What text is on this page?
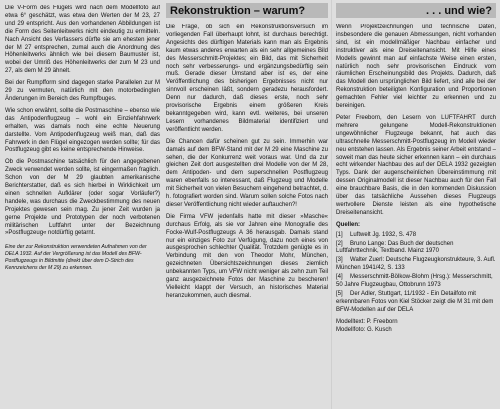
Die V-Form des Flügels wird nach dem Modellfoto auf etwa 6° geschätzt, was etwa den Werten der M 23, 27 und 29 entspricht. Aus den vorhandenen Abbildungen ist die Form des Seitenleitwerks nicht eindeutig zu ermitteln. Nach Ansicht des Verfassers dürfte sie am ehesten jener der M 27 entsprechen, zumal auch die Anordnung des Höhenleitwerks ähnlich wie bei diesem Baumuster ist, wobei der Umriß des Höhenleitwerks der zum M 23 und 27, als dem M 29 ähnelt.

Bei der Rumpfform sind dagegen starke Parallelen zur M 29 zu vermuten, natürlich mit den motorbedingten Änderungen im Bereich des Rumpfbuges.

Wie schon erwähnt, sollte die Postmaschine – ebenso wie das Antipodenflugzeug – wohl ein Einziehfahrwerk erhalten, was damals noch eine echte Neuerung darstellte. Vom Antipodenflugzeug weiß man, daß das Fahrwerk in den Flügel eingezogen werden sollte; für das Postflugzeug gibt es keine entsprechende Hinweise.

Ob die Postmaschine tatsächlich für den angegebenen Zweck verwendet werden sollte, ist eingermaßen fraglich. Schon von der M 29 glaubten amerikanische Berichterstatter, daß es sich hierbei in Wirklichkeit um einen schnellen Aufklärer (oder sogar Vorläufer?) handele, was durchaus die Zweckbestimmung des neuen Projektes gewesen sein mag. Zu jener Zeit wurden ja gerne Projekte und Prototypen der noch verbotenen militärischen Luftfahrt unter der Bezeichnung »Postflugzeug« notdürftig getarnt.

Eine der zur Rekonstruktion verwendeten Aufnahmen von der DELA 1932. Auf der Vergrößerung ist das Modell des BFW-Postflugzeugs in Bildmitte (direkt über dem D-Strich des Kennzeichens der M 29) zu erkennen.
Rekonstruktion – warum?

Die Frage, ob sich ein Rekonstruktionsversuch im vorliegenden Fall überhaupt lohnt, ist durchaus berechtigt. Angesichts des dürftigen Materials kann man als Ergebnis kaum etwas anderes erwarten als ein sehr allgemeines Bild des Messerschmitt-Projektes; ein Bild, das mit Sicherheit noch sehr verbesserungs- und ergänzungsbedürftig sein muß. Gerade dieser Umstand aber ist es, der eine Veröffentlichung des bisherigen Ergebnisses nicht nur sinnvoll erscheinen läßt, sondern geradezu herausfordert. Denn nur dadurch, daß dieses erste, noch sehr provisorische Ergebnis einem größeren Kreis bekanntgegeben wird, kann evtl. weiteres, bei unseren Lesern vorhandenes Bildmaterial identifiziert und veröffentlicht werden.

Die Chancen dafür scheinen gut zu sein. Immerhin war damals auf dem BFW-Stand mit der M 29 eine Maschine zu sehen, die der Konkurrenz weit voraus war. Und da zur gleichen Zeit dort ausgestellten drei Modelle von der M 28, dem Antipoden- und dem superschnellen Postflugzeug waren ebenfalls so interessant, daß Flugzeug und Modelle mit Sicherheit von vielen Besuchern eingehend betrachtet, d. h. fotografiert worden sind. Warum sollen solche Fotos nach dieser Veröffentlichung nicht wieder auftauchen?!

Die Firma VFW jedenfalls hatte mit dieser »Masche« durchaus Erfolg, als sie vor Jahren eine Monografie des Focke-Wulf-Postflugzeugs A 36 herausgab. Damals stand nur ein einziges Foto zur Verfügung, dazu noch eines von ausgesprochen schlechter Qualität. Trotzdem genügte es in Verbindung mit den von Theodor Mohr, München, gezeichneten Übersichtszeichnungen dieses ziemlich unbekannten Typs, um VFW nicht weniger als zehn zum Teil ganz ausgezeichnete Fotos der Maschine zu bescheren! Vielleicht klappt der Versuch, an historisches Material heranzukommen, auch diesmal.

. . . und wie?

Wenn Projektzeichnungen und technische Daten, insbesondere die genauen Abmessungen, nicht vorhanden sind, ist ein modellmäßiger Nachbau einfacher und instruktiver als eine Dreiseitenansicht. Mit Hilfe eines Modells gewinnt man auf einfachste Weise einen ersten, natürlich noch sehr provisorischen Eindruck vom räumlichen Erscheinungsbild des Projekts. Dadurch, daß das Modell den ursprünglichen Bild liefert, sind alle bei der Rekonstruktion beteiligten Konfiguration und Proportionen gemachten Fehler viel leichter zu erkennen und zu bereinigen.

Peter Freeborn, den Lesern von LUFTFAHRT durch mehrere gelungene Modell-Rekonstruktionen ungewöhnlicher Flugzeuge bekannt, hat auch das ultraschnelle Messerschmitt-Postflugzeug im Modell wieder neu entstehen lassen. Als Ergebnis seiner Arbeit entstand – soweit man das heute sicher erkennen kann – ein durchaus echt wirkender Nachbau des auf der DELA 1932 gezeigten Typs. Dank der augenscheinlichen Übereinstimmung mit dessen Originalmodell ist dieser Nachbau auch für den Fall eine brauchbare Basis, die in den kommenden Diskussion über das tatsächliche Aussehen dieses Flugzeugs wertvollere Dienste leisten als eine hypothetische Dreiseitenansicht.

Quellen:
[1] Luftwelt Jg. 1932, S. 478
[2] Bruno Lange: Das Buch der deutschen Luftfahrttechnik, Textband. Mainz 1970
[3] Walter Zuerl: Deutsche Flugzeugkonstrukteure, 3. Aufl. München 1941/42, S. 133
[4] Messerschmitt-Bölkow-Blohm (Hrsg.): Messerschmitt, 50 Jahre Flugzeugbau, Ottobrunn 1973
[5] Der Adler, Stuttgart, 11/1932 - Ein Detailfoto mit erkennbaren Fotos von Kiel Stöcker zeigt die M 31 mit dem BFW-Modellen auf der DELA
Modelltext: P. Freeborn
Modellfoto: G. Kusch
